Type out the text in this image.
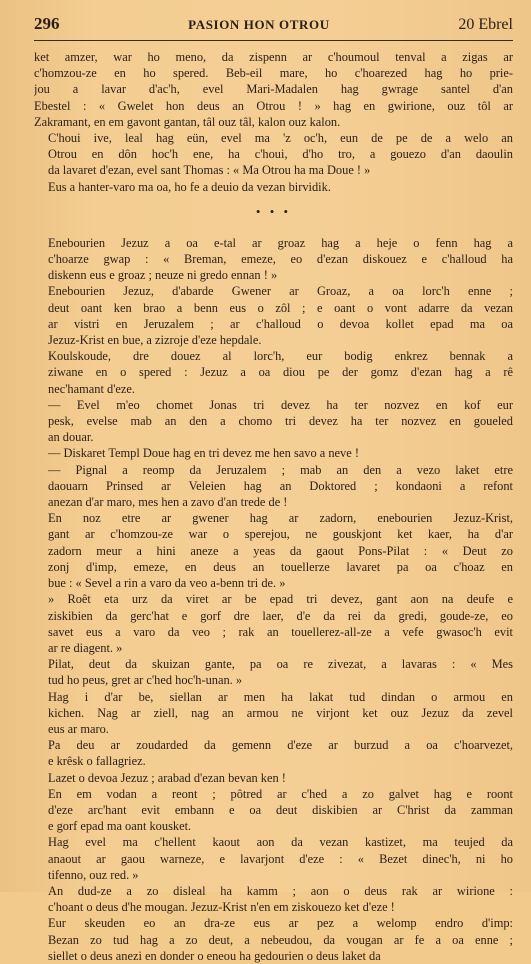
296	PASION HON OTROU	20 Ebrel

ket amzer, war ho meno, da zispenn ar c'houmoul tenval a zigas ar
c'homzou-ze en ho spered. Beb-eil mare, ho c'hoarezed hag ho prie-
jou a lavar d'ac'h, evel Mari-Madalen hag gwrage santel d'an
Ebestel : « Gwelet hon deus an Otrou ! » hag en gwirione, ouz tôl ar
Zakramant, en em gavont gantan, tâl ouz tâl, kalon ouz kalon.

C'houi ive, leal hag eün, evel ma 'z oc'h, eun de pe de a welo an
Otrou en dôn hoc'h ene, ha c'houi, d'ho tro, a gouezo d'an daoulin
da lavaret d'ezan, evel sant Thomas : « Ma Otrou ha ma Doue ! »

Eus a hanter-varo ma oa, ho fe a deuio da vezan birvidik.

• • •

Enebourien Jezuz a oa e-tal ar groaz hag a heje o fenn hag a
c'hoarze gwap : « Breman, emeze, eo d'ezan diskouez e c'halloud ha
diskenn eus e groaz ; neuze ni gredo ennan ! »

Enebourien Jezuz, d'abarde Gwener ar Groaz, a oa lorc'h enne ;
deut oant ken brao a benn eus o zôl ; e oant o vont adarre da vezan
ar vistri en Jeruzalem ; ar c'halloud o devoa kollet epad ma oa
Jezuz-Krist en bue, a zizroje d'eze hepdale.

Koulskoude, dre douez al lorc'h, eur bodig enkrez bennak a
ziwane en o spered : Jezuz a oa diou pe der gomz d'ezan hag a rê
nec'hamant d'eze.

— Evel m'eo chomet Jonas tri devez ha ter nozvez en kof eur
pesk, evelse mab an den a chomo tri devez ha ter nozvez en goueled
an douar.

— Diskaret Templ Doue hag en tri devez me hen savo a neve !

— Pignal a reomp da Jeruzalem ; mab an den a vezo laket etre
daouarn Prinsed ar Veleien hag an Doktored ; kondaoni a refont
anezan d'ar maro, mes hen a zavo d'an trede de !

En noz etre ar gwener hag ar zadorn, enebourien Jezuz-Krist,
gant ar c'homzou-ze war o sperejou, ne gouskjont ket kaer, ha d'ar
zadorn meur a hini aneze a yeas da gaout Pons-Pilat : « Deut zo
zonj d'imp, emeze, en deus an touellerze lavaret pa oa c'hoaz en
bue : « Sevel a rin a varo da veo a-benn tri de. »

» Roêt eta urz da viret ar be epad tri devez, gant aon na deufe e
ziskibien da gerc'hat e gorf dre laer, d'e da rei da gredi, goude-ze, eo
savet eus a varo da veo ; rak an touellerez-all-ze a vefe gwasoc'h evit
ar re diagent. »

Pilat, deut da skuizan gante, pa oa re zivezat, a lavaras : « Mes
tud ho peus, gret ar c'hed hoc'h-unan. »

Hag i d'ar be, siellan ar men ha lakat tud dindan o armou en
kichen. Nag ar ziell, nag an armou ne virjont ket ouz Jezuz da zevel
eus ar maro.

Pa deu ar zoudarded da gemenn d'eze ar burzud a oa c'hoarvezet,
e krêsk o fallagriez.

Lazet o devoa Jezuz ; arabad d'ezan bevan ken !

En em vodan a reont ; pôtred ar c'hed a zo galvet hag e roont
d'eze arc'hant evit embann e oa deut diskibien ar C'hrist da zamman
e gorf epad ma oant kousket.

Hag evel ma c'hellent kaout aon da vezan kastizet, ma teujed da
anaout ar gaou warneze, e lavarjont d'eze : « Bezet dinec'h, ni ho
tifenno, ouz red. »

An dud-ze a zo disleal ha kamm ; aon o deus rak ar wirione :
c'hoant o deus d'he mougan. Jezuz-Krist n'en em ziskouezo ket d'eze !

Eur skeuden eo an dra-ze eus ar pez a welomp endro d'imp:
Bezan zo tud hag a zo deut, a nebeudou, da vougan ar fe a oa enne ;
siellet o deus anezi en donder o eneou ha gedourien o deus laket da
